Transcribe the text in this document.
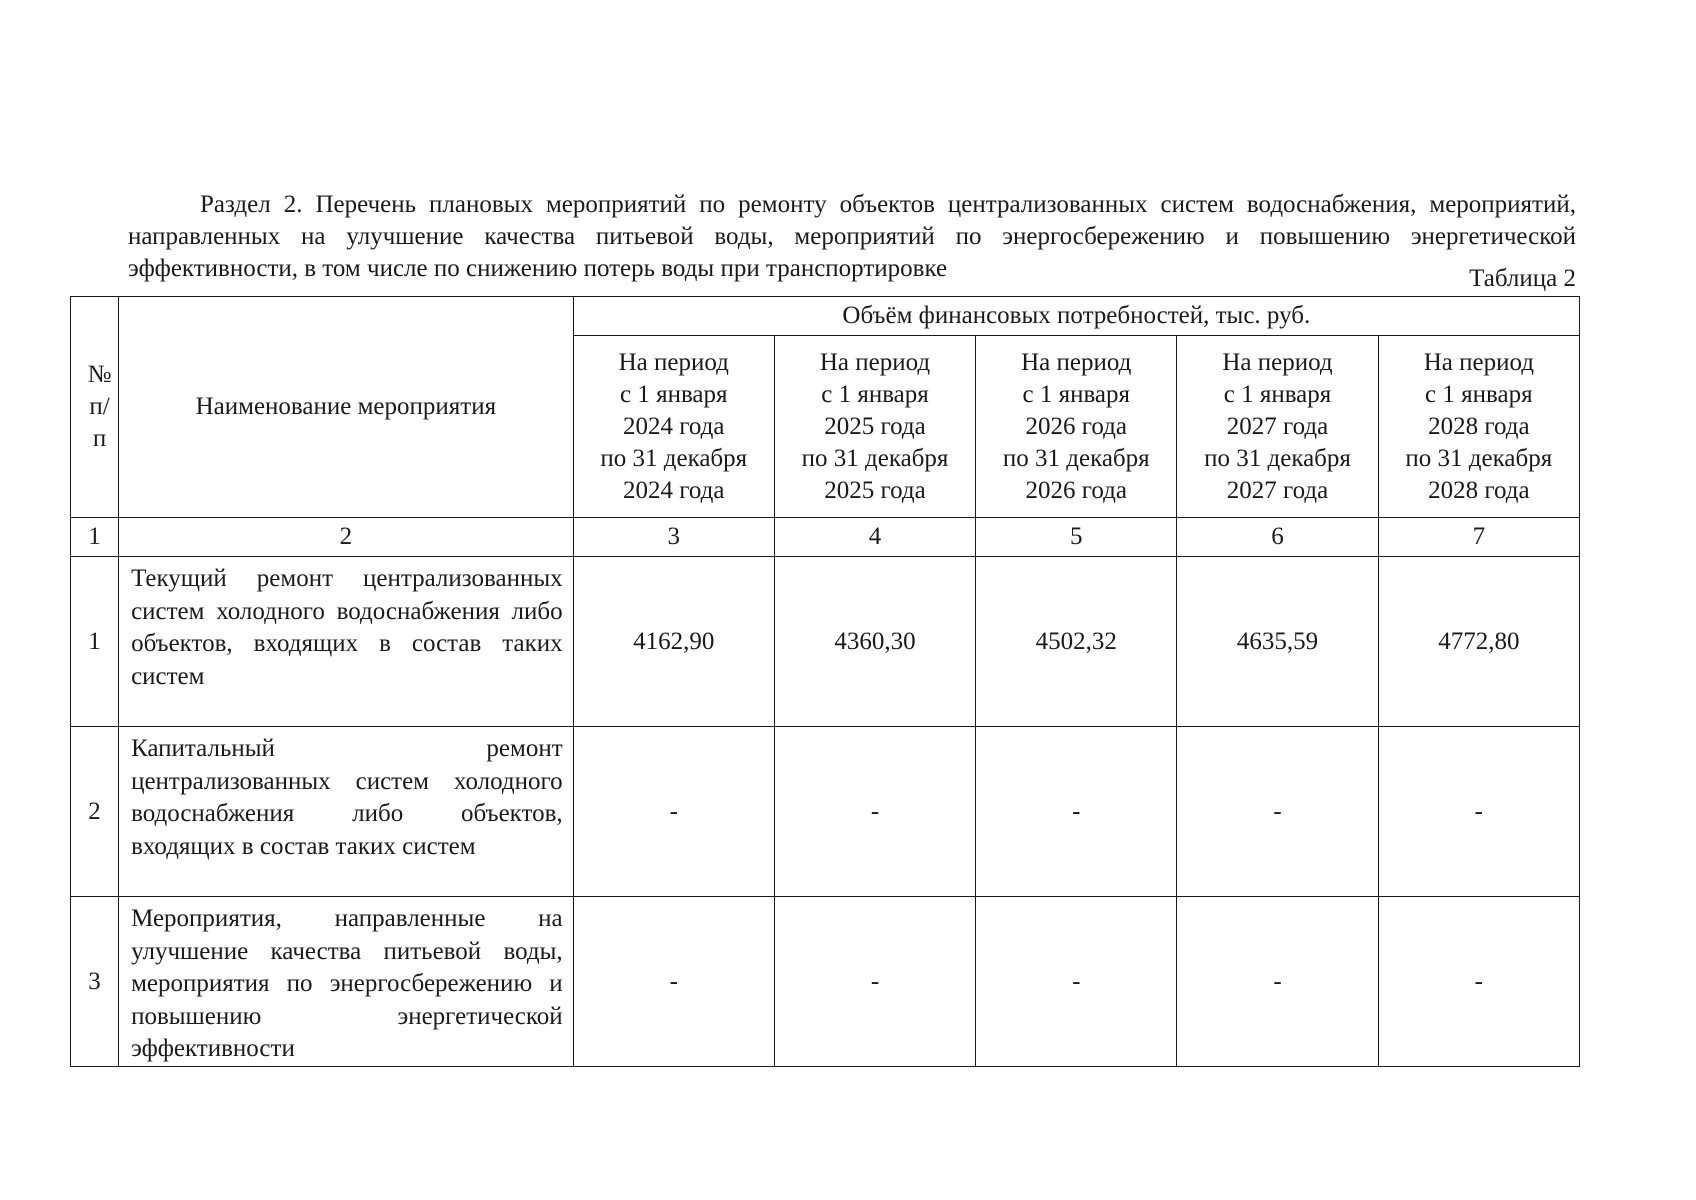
Раздел 2. Перечень плановых мероприятий по ремонту объектов централизованных систем водоснабжения, мероприятий, направленных на улучшение качества питьевой воды, мероприятий по энергосбережению и повышению энергетической эффективности, в том числе по снижению потерь воды при транспортировке	Таблица 2
№ п/ п	Наименование мероприятия	Объём финансовых потребностей, тыс. руб.				

		На период
с 1 января
2024 года
по 31 декабря
2024 года	На период
с 1 января
2025 года
по 31 декабря
2025 года	На период
с 1 января
2026 года
по 31 декабря
2026 года	На период
с 1 января
2027 года
по 31 декабря
2027 года	На период
с 1 января
2028 года
по 31 декабря
2028 года

1	2	3	4	5	6	7
1	Текущий ремонт централизованных систем холодного водоснабжения либо объектов, входящих в состав таких систем	4162,90	4360,30	4502,32	4635,59	4772,80
2	Капитальный ремонт централизованных систем холодного водоснабжения либо объектов, входящих в состав таких систем	-	-	-	-	-
3	Мероприятия, направленные на улучшение качества питьевой воды, мероприятия по энергосбережению и повышению энергетической эффективности	-	-	-	-	-
